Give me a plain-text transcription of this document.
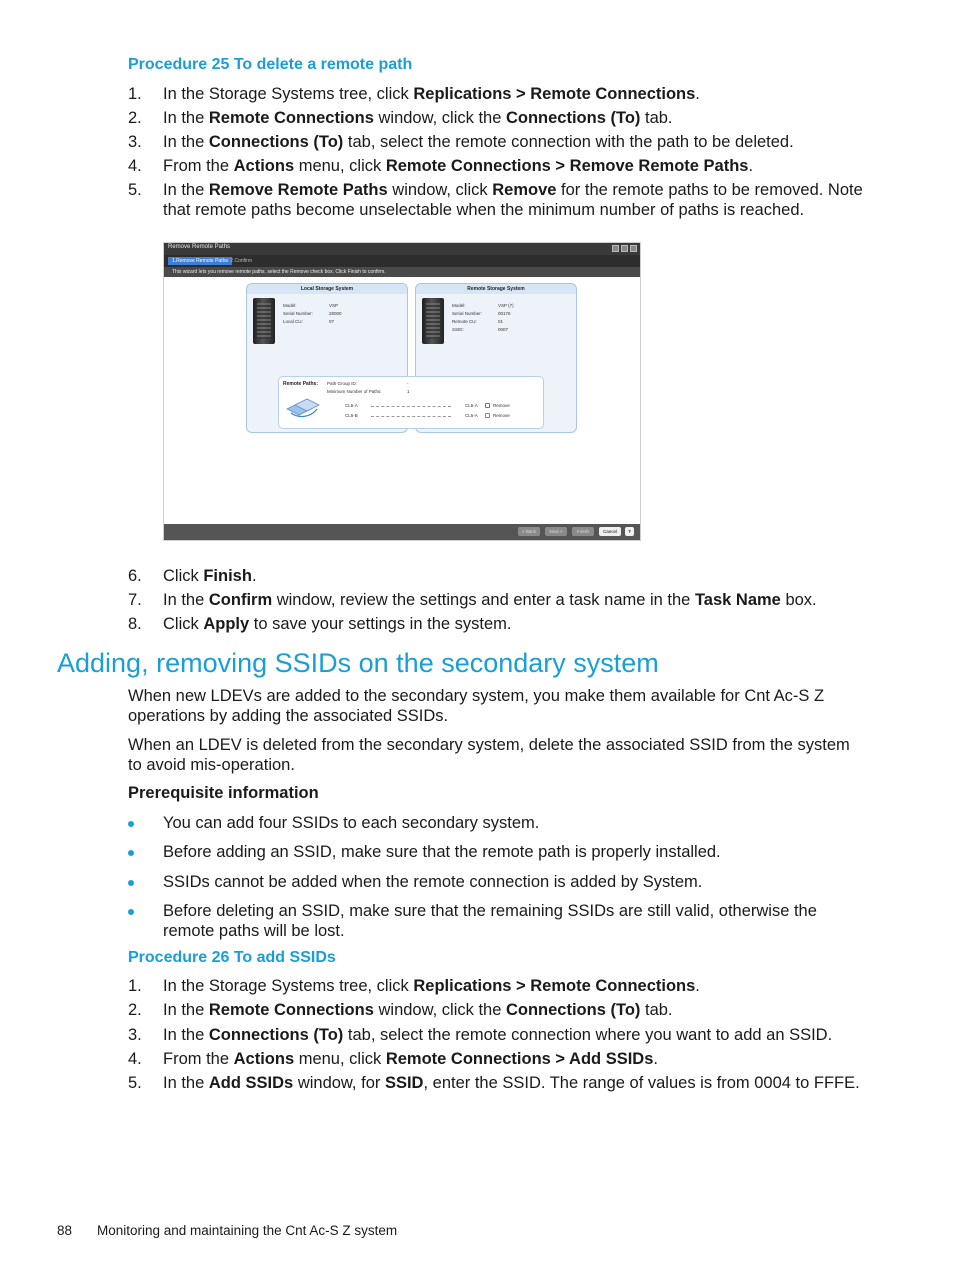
Procedure 25 To delete a remote path
1.	In the Storage Systems tree, click Replications > Remote Connections.
2.	In the Remote Connections window, click the Connections (To) tab.
3.	In the Connections (To) tab, select the remote connection with the path to be deleted.
4.	From the Actions menu, click Remote Connections > Remove Remote Paths.
5.	In the Remove Remote Paths window, click Remove for the remote paths to be removed. Note that remote paths become unselectable when the minimum number of paths is reached.
Remove Remote Paths
1.Remove Remote Paths
> 2.Confirm
This wizard lets you remove remote paths. select the Remove check box. Click Finish to confirm.
Local Storage System
Model:	VSP
Serial Number:	28000
Local CU:	07
Remote Storage System
Model:	VSP (7)
Serial Number:	00176
Remote CU:	01
SSID:	0007
Remote Paths: Path Group ID:	-
Minimum Number of Paths:	1
CL5-A	CL5-A	Remove
CL5-B	CL5-A	Remove
< Back	Next >	Finish	Cancel	?
6.	Click Finish.
7.	In the Confirm window, review the settings and enter a task name in the Task Name box.
8.	Click Apply to save your settings in the system.
Adding, removing SSIDs on the secondary system

When new LDEVs are added to the secondary system, you make them available for Cnt Ac-S Z operations by adding the associated SSIDs.

When an LDEV is deleted from the secondary system, delete the associated SSID from the system to avoid mis-operation.

Prerequisite information

You can add four SSIDs to each secondary system.
Before adding an SSID, make sure that the remote path is properly installed.
SSIDs cannot be added when the remote connection is added by System.
Before deleting an SSID, make sure that the remaining SSIDs are still valid, otherwise the remote paths will be lost.
Procedure 26 To add SSIDs
1.	In the Storage Systems tree, click Replications > Remote Connections.
2.	In the Remote Connections window, click the Connections (To) tab.
3.	In the Connections (To) tab, select the remote connection where you want to add an SSID.
4.	From the Actions menu, click Remote Connections > Add SSIDs.
5.	In the Add SSIDs window, for SSID, enter the SSID. The range of values is from 0004 to FFFE.
88 Monitoring and maintaining the Cnt Ac-S Z system
